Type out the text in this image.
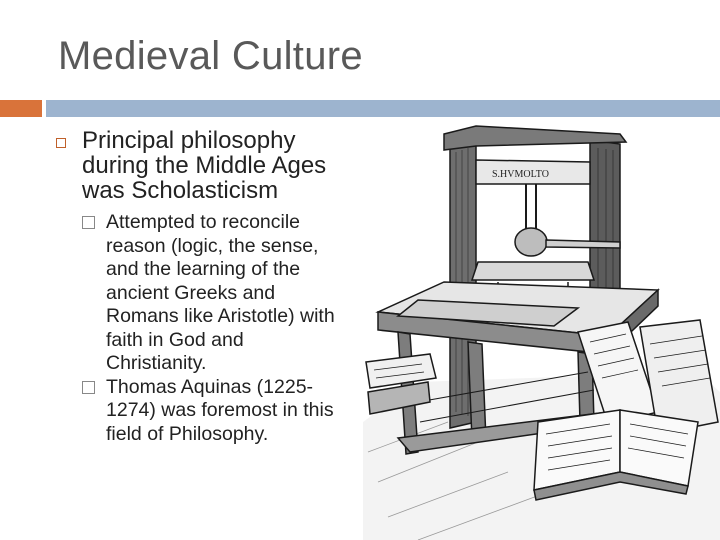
Medieval Culture
Principal philosophy during the Middle Ages was Scholasticism
Attempted to reconcile reason (logic, the sense, and the learning of the ancient Greeks and Romans like Aristotle) with faith in God and Christianity.
Thomas Aquinas (1225-1274) was foremost in this field of Philosophy.
S.HVMOLTO
